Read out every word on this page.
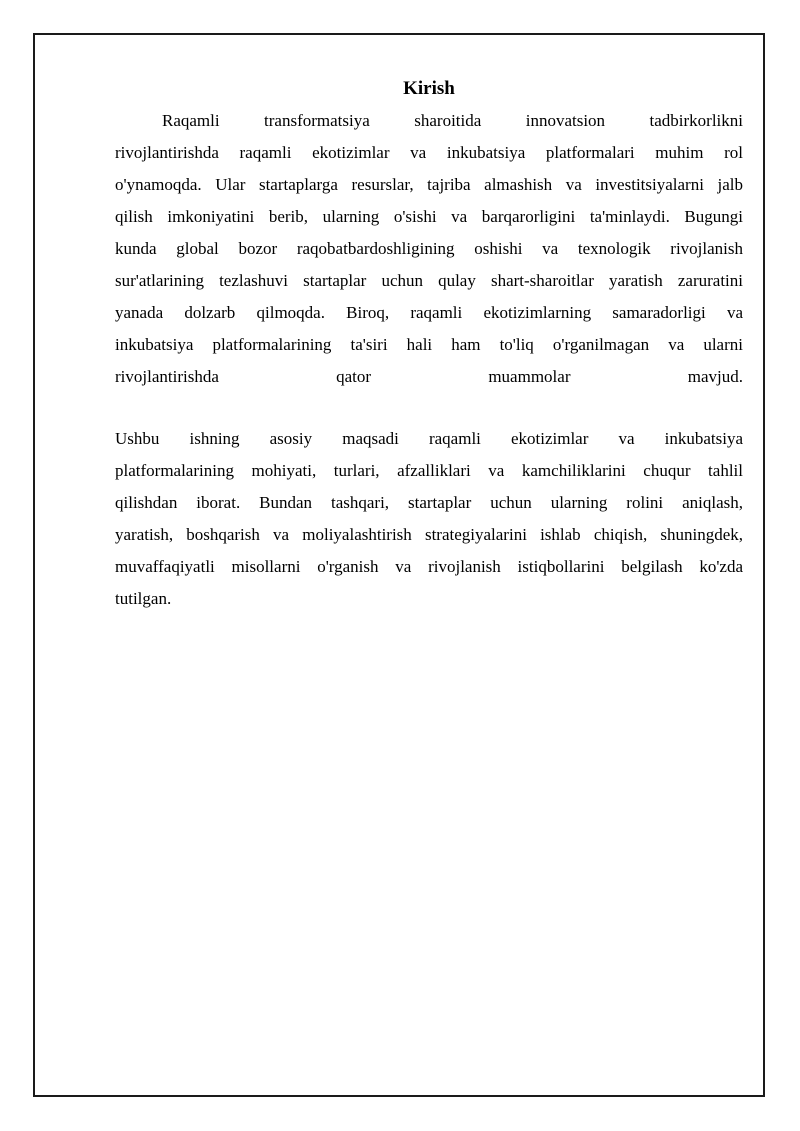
Kirish
Raqamli transformatsiya sharoitida innovatsion tadbirkorlikni
rivojlantirishda raqamli ekotizimlar va inkubatsiya platformalari muhim rol
o'ynamoqda. Ular startaplarga resurslar, tajriba almashish va investitsiyalarni jalb
qilish imkoniyatini berib, ularning o'sishi va barqarorligini ta'minlaydi. Bugungi
kunda global bozor raqobatbardoshligining oshishi va texnologik rivojlanish
sur'atlarining tezlashuvi startaplar uchun qulay shart-sharoitlar yaratish zaruratini
yanada dolzarb qilmoqda. Biroq, raqamli ekotizimlarning samaradorligi va
inkubatsiya platformalarining ta'siri hali ham to'liq o'rganilmagan va ularni
rivojlantirishda qator muammolar mavjud.
Ushbu ishning asosiy maqsadi raqamli ekotizimlar va inkubatsiya
platformalarining mohiyati, turlari, afzalliklari va kamchiliklarini chuqur tahlil
qilishdan iborat. Bundan tashqari, startaplar uchun ularning rolini aniqlash,
yaratish, boshqarish va moliyalashtirish strategiyalarini ishlab chiqish, shuningdek,
muvaffaqiyatli misollarni o'rganish va rivojlanish istiqbollarini belgilash ko'zda
tutilgan.
